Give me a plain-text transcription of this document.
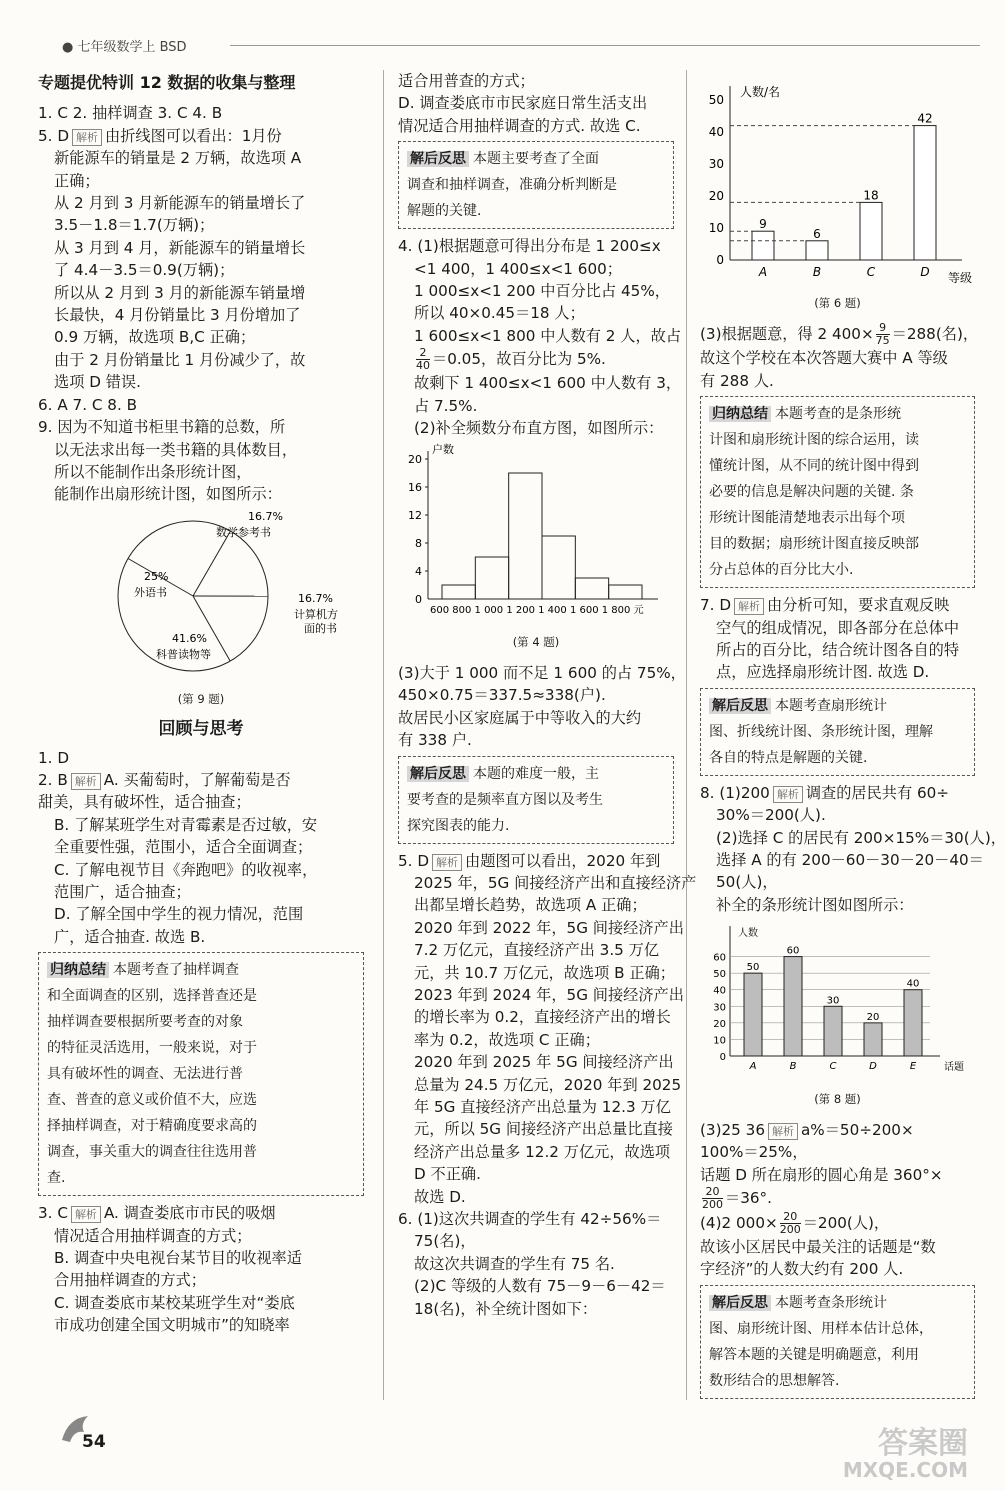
● 七年级数学上 BSD

专题提优特训 12 数据的收集与整理

1. C 2. 抽样调查 3. C 4. B

5. D 解析 由折线图可以看出：1月份

新能源车的销量是 2 万辆，故选项 A

正确；

从 2 月到 3 月新能源车的销量增长了

3.5－1.8＝1.7(万辆)；

从 3 月到 4 月，新能源车的销量增长

了 4.4－3.5＝0.9(万辆)；

所以从 2 月到 3 月的新能源车销量增

长最快，4 月份销量比 3 月份增加了

0.9 万辆，故选项 B,C 正确；

由于 2 月份销量比 1 月份减少了，故

选项 D 错误.

6. A 7. C 8. B

9. 因为不知道书柜里书籍的总数，所

以无法求出每一类书籍的具体数目，

所以不能制作出条形统计图，

能制作出扇形统计图，如图所示：

16.7%
数学参考书
16.7%
计算机方
面的书
41.6%
科普读物等
25%
外语书

(第 9 题)

回顾与思考

1. D

2. B 解析 A. 买葡萄时，了解葡萄是否

甜美，具有破坏性，适合抽查；

B. 了解某班学生对青霉素是否过敏，安

全重要性强，范围小，适合全面调查；

C. 了解电视节目《奔跑吧》的收视率，

范围广，适合抽查；

D. 了解全国中学生的视力情况，范围

广，适合抽查. 故选 B.

归纳总结 本题考查了抽样调查

和全面调查的区别，选择普查还是

抽样调查要根据所要考查的对象

的特征灵活选用，一般来说，对于

具有破坏性的调查、无法进行普

查、普查的意义或价值不大，应选

择抽样调查，对于精确度要求高的

调查，事关重大的调查往往选用普

查.

3. C 解析 A. 调查娄底市市民的吸烟

情况适合用抽样调查的方式；

B. 调查中央电视台某节目的收视率适

合用抽样调查的方式；

C. 调查娄底市某校某班学生对“娄底

市成功创建全国文明城市”的知晓率

适合用普查的方式；

D. 调查娄底市市民家庭日常生活支出

情况适合用抽样调查的方式. 故选 C.

解后反思 本题主要考查了全面

调查和抽样调查，准确分析判断是

解题的关键.

4. (1)根据题意可得出分布是 1 200≤x

<1 400，1 400≤x<1 600；

1 000≤x<1 200 中百分比占 45%，

所以 40×0.45＝18 人；

1 600≤x<1 800 中人数有 2 人，故占

$\frac{2}{40} =0.05$，故百分比为 5%.

故剩下 1 400≤x<1 600 中人数有 3，

占 7.5%.

(2)补全频数分布直方图，如图所示：

户数
0
4
8
12
16
20
600 800 1 000 1 200 1 400 1 600 1 800 元

(第 4 题)

(3)大于 1 000 而不足 1 600 的占 75%，

450×0.75＝337.5≈338(户).

故居民小区家庭属于中等收入的大约

有 338 户.

解后反思 本题的难度一般，主

要考查的是频率直方图以及考生

探究图表的能力.

5. D 解析 由题图可以看出，2020 年到

2025 年，5G 间接经济产出和直接经济产

出都呈增长趋势，故选项 A 正确；

2020 年到 2022 年，5G 间接经济产出

7.2 万亿元，直接经济产出 3.5 万亿

元，共 10.7 万亿元，故选项 B 正确；

2023 年到 2024 年，5G 间接经济产出

的增长率为 0.2，直接经济产出的增长

率为 0.2，故选项 C 正确；

2020 年到 2025 年 5G 间接经济产出

总量为 24.5 万亿元，2020 年到 2025

年 5G 直接经济产出总量为 12.3 万亿

元，所以 5G 间接经济产出总量比直接

经济产出总量多 12.2 万亿元，故选项

D 不正确.

故选 D.

6. (1)这次共调查的学生有 42÷56%＝

75(名)，

故这次共调查的学生有 75 名.

(2)C 等级的人数有 75－9－6－42＝

18(名)，补全统计图如下：

人数/名
等级
0
10
20
30
40
50
9
A
6
B
18
C
42
D

(第 6 题)

(3)根据题意，得 2 $400\times \frac{9}{75} =288$(名)，

故这个学校在本次答题大赛中 A 等级

有 288 人.

归纳总结 本题考查的是条形统

计图和扇形统计图的综合运用，读

懂统计图，从不同的统计图中得到

必要的信息是解决问题的关键. 条

形统计图能清楚地表示出每个项

目的数据；扇形统计图直接反映部

分占总体的百分比大小.

7. D 解析 由分析可知，要求直观反映

空气的组成情况，即各部分在总体中

所占的百分比，结合统计图各自的特

点，应选择扇形统计图. 故选 D.

解后反思 本题考查扇形统计

图、折线统计图、条形统计图，理解

各自的特点是解题的关键.

8. (1)200 解析 调查的居民共有 60÷

30%＝200(人).

(2)选择 C 的居民有 200×15%＝30(人)，

选择 A 的有 200－60－30－20－40＝

50(人)，

补全的条形统计图如图所示：

人数
话题
10
20
30
40
50
60
0
50
A
60
B
30
C
20
D
40
E

(第 8 题)

(3)25 36 解析 a%＝50÷200×

100%＝25%，

话题 D 所在扇形的圆心角是 360°×

$\frac{20}{200} =36^\circ$.

(4)2 $000\times \frac{20}{200} =200$(人)，

故该小区居民中最关注的话题是“数

字经济”的人数大约有 200 人.

解后反思 本题考查条形统计

图、扇形统计图、用样本估计总体，

解答本题的关键是明确题意，利用

数形结合的思想解答.

54	答案圈
MXQE.COM
